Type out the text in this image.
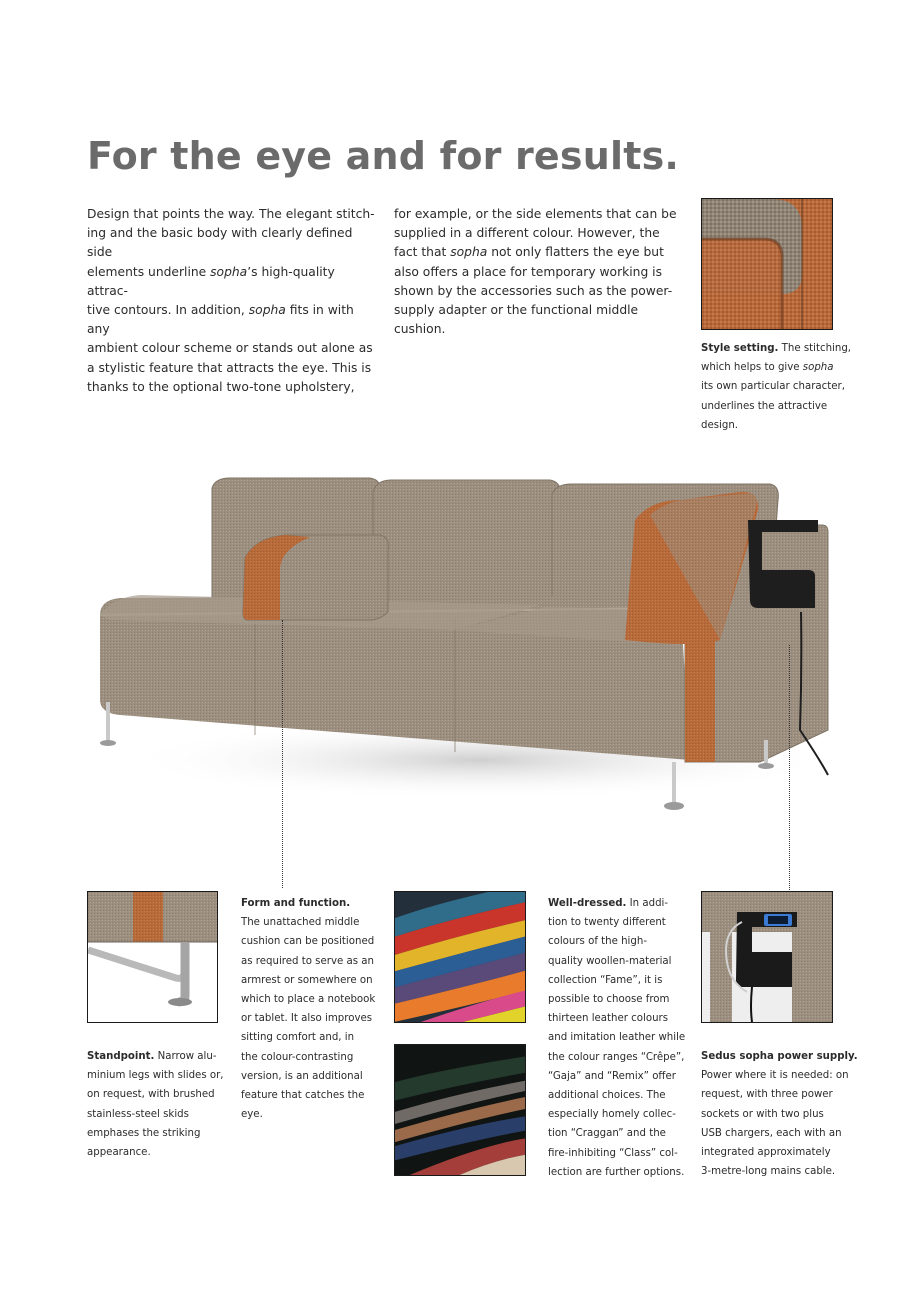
For the eye and for results.

Design that points the way. The elegant stitch-

ing and the basic body with clearly defined side

elements underline sopha’s high-quality attrac-

tive contours. In addition, sopha fits in with any

ambient colour scheme or stands out alone as

a stylistic feature that attracts the eye. This is

thanks to the optional two-tone upholstery,

for example, or the side elements that can be

supplied in a different colour. However, the

fact that sopha not only flatters the eye but

also offers a place for temporary working is

shown by the accessories such as the power-

supply adapter or the functional middle cushion.

Style setting. The stitching,
which helps to give sopha
its own particular character,
underlines the attractive
design.
Standpoint. Narrow alu-
minium legs with slides or,
on request, with brushed
stainless-steel skids
emphases the striking
appearance.
Form and function.
The unattached middle
cushion can be positioned
as required to serve as an
armrest or somewhere on
which to place a notebook
or tablet. It also improves
sitting comfort and, in
the colour-contrasting
version, is an additional
feature that catches the
eye.
Well-dressed. In addi-
tion to twenty different
colours of the high-
quality woollen-material
collection “Fame”, it is
possible to choose from
thirteen leather colours
and imitation leather while
the colour ranges “Crêpe”,
“Gaja” and “Remix” offer
additional choices. The
especially homely collec-
tion “Craggan” and the
fire-inhibiting “Class” col-
lection are further options.
Sedus sopha power supply.
Power where it is needed: on
request, with three power
sockets or with two plus
USB chargers, each with an
integrated approximately
3-metre-long mains cable.
